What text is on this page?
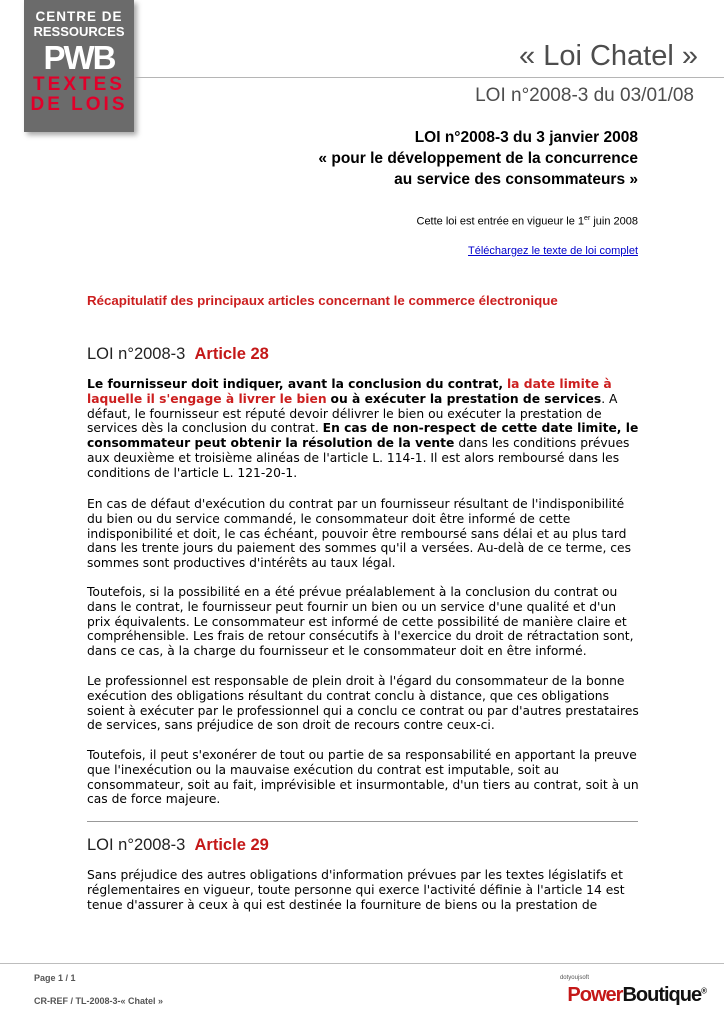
CENTRE DE
RESSOURCES
PWB
TEXTES
DE LOIS
« Loi Chatel »
LOI n°2008-3 du 03/01/08
LOI n°2008-3 du 3 janvier 2008
« pour le développement de la concurrence
au service des consommateurs »
Cette loi est entrée en vigueur le 1er juin 2008
Téléchargez le texte de loi complet
Récapitulatif des principaux articles concernant le commerce électronique
LOI n°2008-3 Article 28
Le fournisseur doit indiquer, avant la conclusion du contrat, la date limite à laquelle il s'engage à livrer le bien ou à exécuter la prestation de services. A défaut, le fournisseur est réputé devoir délivrer le bien ou exécuter la prestation de services dès la conclusion du contrat. En cas de non-respect de cette date limite, le consommateur peut obtenir la résolution de la vente dans les conditions prévues aux deuxième et troisième alinéas de l'article L. 114-1. Il est alors remboursé dans les conditions de l'article L. 121-20-1.
En cas de défaut d'exécution du contrat par un fournisseur résultant de l'indisponibilité du bien ou du service commandé, le consommateur doit être informé de cette indisponibilité et doit, le cas échéant, pouvoir être remboursé sans délai et au plus tard dans les trente jours du paiement des sommes qu'il a versées. Au-delà de ce terme, ces sommes sont productives d'intérêts au taux légal.
Toutefois, si la possibilité en a été prévue préalablement à la conclusion du contrat ou dans le contrat, le fournisseur peut fournir un bien ou un service d'une qualité et d'un prix équivalents. Le consommateur est informé de cette possibilité de manière claire et compréhensible. Les frais de retour consécutifs à l'exercice du droit de rétractation sont, dans ce cas, à la charge du fournisseur et le consommateur doit en être informé.
Le professionnel est responsable de plein droit à l'égard du consommateur de la bonne exécution des obligations résultant du contrat conclu à distance, que ces obligations soient à exécuter par le professionnel qui a conclu ce contrat ou par d'autres prestataires de services, sans préjudice de son droit de recours contre ceux-ci.
Toutefois, il peut s'exonérer de tout ou partie de sa responsabilité en apportant la preuve que l'inexécution ou la mauvaise exécution du contrat est imputable, soit au consommateur, soit au fait, imprévisible et insurmontable, d'un tiers au contrat, soit à un cas de force majeure.
LOI n°2008-3 Article 29
Sans préjudice des autres obligations d'information prévues par les textes législatifs et réglementaires en vigueur, toute personne qui exerce l'activité définie à l'article 14 est tenue d'assurer à ceux à qui est destinée la fourniture de biens ou la prestation de
Page 1 / 1
CR-REF / TL-2008-3-« Chatel »
dotyoujsoft
PowerBoutique®
